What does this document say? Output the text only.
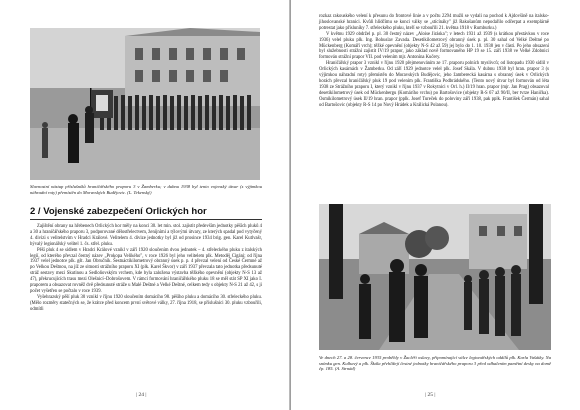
Slavnostní nástup příslušníků hraničářského praporu 3 v Žamberku; v dubnu 1938 byl tento vojenský útvar (s výjimkou náhradní roty) přemístěn do Moravských Budějovic. (L. Tekenský)
2 / Vojenské zabezpečení Orlických hor

Zajištění obrany na hřebenech Orlických hor měly na konci 30. let min. stol. zajistit především jednotky pěších pluků 4 a 30 a hraničářského praporu 3, podporované dělostřelectvem, ženijními a týlovými útvary, ze kterých spadal pod vytyčený 4. divizi s velitelstvím v Hradci Králové. Velitelem 4. divize jednotky byl již od prosince 1934 brig. gen. Karel Kutlvašr, bývalý legionářský velitel 1. čs. střel. pluku.

Pěší pluk 4 se sídlem v Hradci Králové vznikl v září 1920 sloučením dvou jednotek – 4. střeleckého pluku z italských legií, od kterého převzal čestný název „Prokopa Velikého", v roce 1926 byl jeho velitelem plk. Metoděj Cigáni; od října 1937 velel jednotce plk. gšt. Jan Obručník. Šestnáctikilometrový obranný úsek p. p. 4 převzal velení od České Čermné až po Velkou Deštnou, na jíž ze sitnosti strážního praporu XI (plk. Karel Škvor) v září 1937 převzala tato jednotka předsunuté stráž sestavy mezi Skutinou a Sedloňovským vrchem, kde byla založena výstavba těžkého opevnění (objekty N-S 13 až 47), překrucujících trasu mezi Olešnicí–Dobrošovem. V rámci formování hraničářského pluku 18 se měl stát SP XI jako I. praporem a obsazovat rovněž dvě předsunuté stráže u Malé Deštné a Velké Deštné, celkem tedy s objekty N-S 21 až 42, s ji počet vyšetřen se počtalo v roce 1939.

Vyšehrazský pěší pluk 30 vznikl v říjnu 1920 sloučením domácího 98. pěšího pluku a domácího 30. střeleckého pluku. (Mělo rozměry statečných se, že krátce před koncem první světové války, 27. října 1918, se příslušníci 30. pluku vzbouřili, odmítli

| 24 |

rozkaz rakouského velení k přesunu do frontové linie a v počtu 2294 mužů se vydali na pochod k Ajdovšině na italsko-jihoslovanské hranici. Kvůli hlídčímu se konci války se „stícínáky" již Rakušanům nepodařilo odčerpat a exemplárně potrestat jako přísluníky 7. střeleckého pluku, kteří se vzbouřili 21. května 1918 v Rumburku.)

V květnu 1929 obdržel p. pl. 30 čestný název „Aloise Jiráska"; v letech 1931 až 1939 (s krátkou přestávkou v roce 1936) velel pluku plk. Ing. Bohuslav Zavada. Desetikilometrový obranný úsek p. pl. 30 sahal od Velké Deštné po Mückenberg (Komáří vrch); těžké opevnění (objekty N-S 42 až 59) jej bylo do 1. 10. 1938 jen v části. Po jeho obsazení byl služebnosti strážní zajistit IV/19 prapor, jako základ nově formovaného HP 19 se 15. září 1938 ve Velké Zdobnici formován strážní prapor VII. pod velením mjr. Antonína Kučery.

Hraničářský prapor 3 vznikl v říjnu 1920 přejmenováním ze 17. praporu polních myslivců; od listopadu 1930 sídlil v Orlických kasárnách v Žamberku. Od září 1929 jednotce velel plk. Josef Skála. V dubnu 1938 byl hran. prapor 3 (s výjimkou náhradní roty) přemístěn do Moravských Budějovic, jeho žamberecká kasárna s obranný úsek v Orlických horách převzal hraničářský pluk 19 pod velením plk. Františka Podbrádského. (Tento nový útvar byl formován od léta 1938 ze Strážního praporu I, který vznikl v říjnu 1937 v Rokytnici v Orl. h.) II/19 hran. prapor (mjr. Jan Prag) obsazoval desetikilometrový úsek od Mückenbergu (Komárího vrchu) po Bartošovice (objekty R-S 67 až 90/II, ber tvrze Hanička). Osmikilometrový úsek II/19 hran. prapor (pplk. Josef Tureček do poloviny září 1938, pak pplk. František Čermán) sahal od Bartošovic (objekty R-S 14 po Nový Hrádek a Králická Polanou).

Ve dnech 27. a 28. července 1935 proběhly v Žacléři oslavy, připomínající válce legionářských oddílů plk. Karla Vašátky. Na snímku gen. Kulhavý a plk. Škála přehlížejí čestné jednotky hraničářského praporu 3 před odhalením pamětní desky na domě čp. 185. (A. Strnád)
| 25 |
